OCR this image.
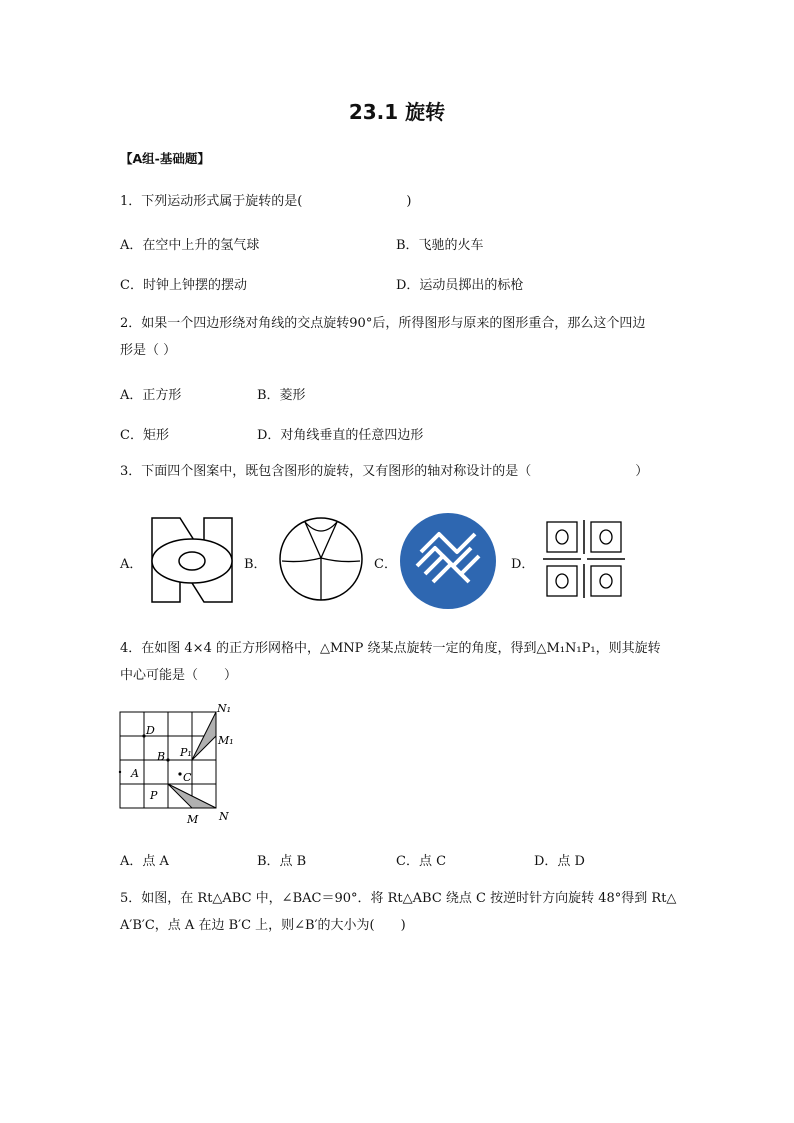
23.1 旋转
【A组-基础题】
1．下列运动形式属于旋转的是(　　　　　　　　)
A．在空中上升的氢气球	B．飞驰的火车
C．时钟上钟摆的摆动	D．运动员掷出的标枪
2．如果一个四边形绕对角线的交点旋转90°后，所得图形与原来的图形重合，那么这个四边
形是（ ）
A．正方形	B．菱形
C．矩形	D．对角线垂直的任意四边形
3．下面四个图案中，既包含图形的旋转，又有图形的轴对称设计的是（　　　　　　　　）
A．	B．	C．	D．
4．在如图 4×4 的正方形网格中，△MNP 绕某点旋转一定的角度，得到△M₁N₁P₁，则其旋转
中心可能是（　　）
N₁
M₁
D
P₁
B
A	C
P
M N
A．点 A	B．点 B	C．点 C	D．点 D
5．如图，在 Rt△ABC 中，∠BAC＝90°．将 Rt△ABC 绕点 C 按逆时针方向旋转 48°得到 Rt△
A′B′C，点 A 在边 B′C 上，则∠B′的大小为(　　)
